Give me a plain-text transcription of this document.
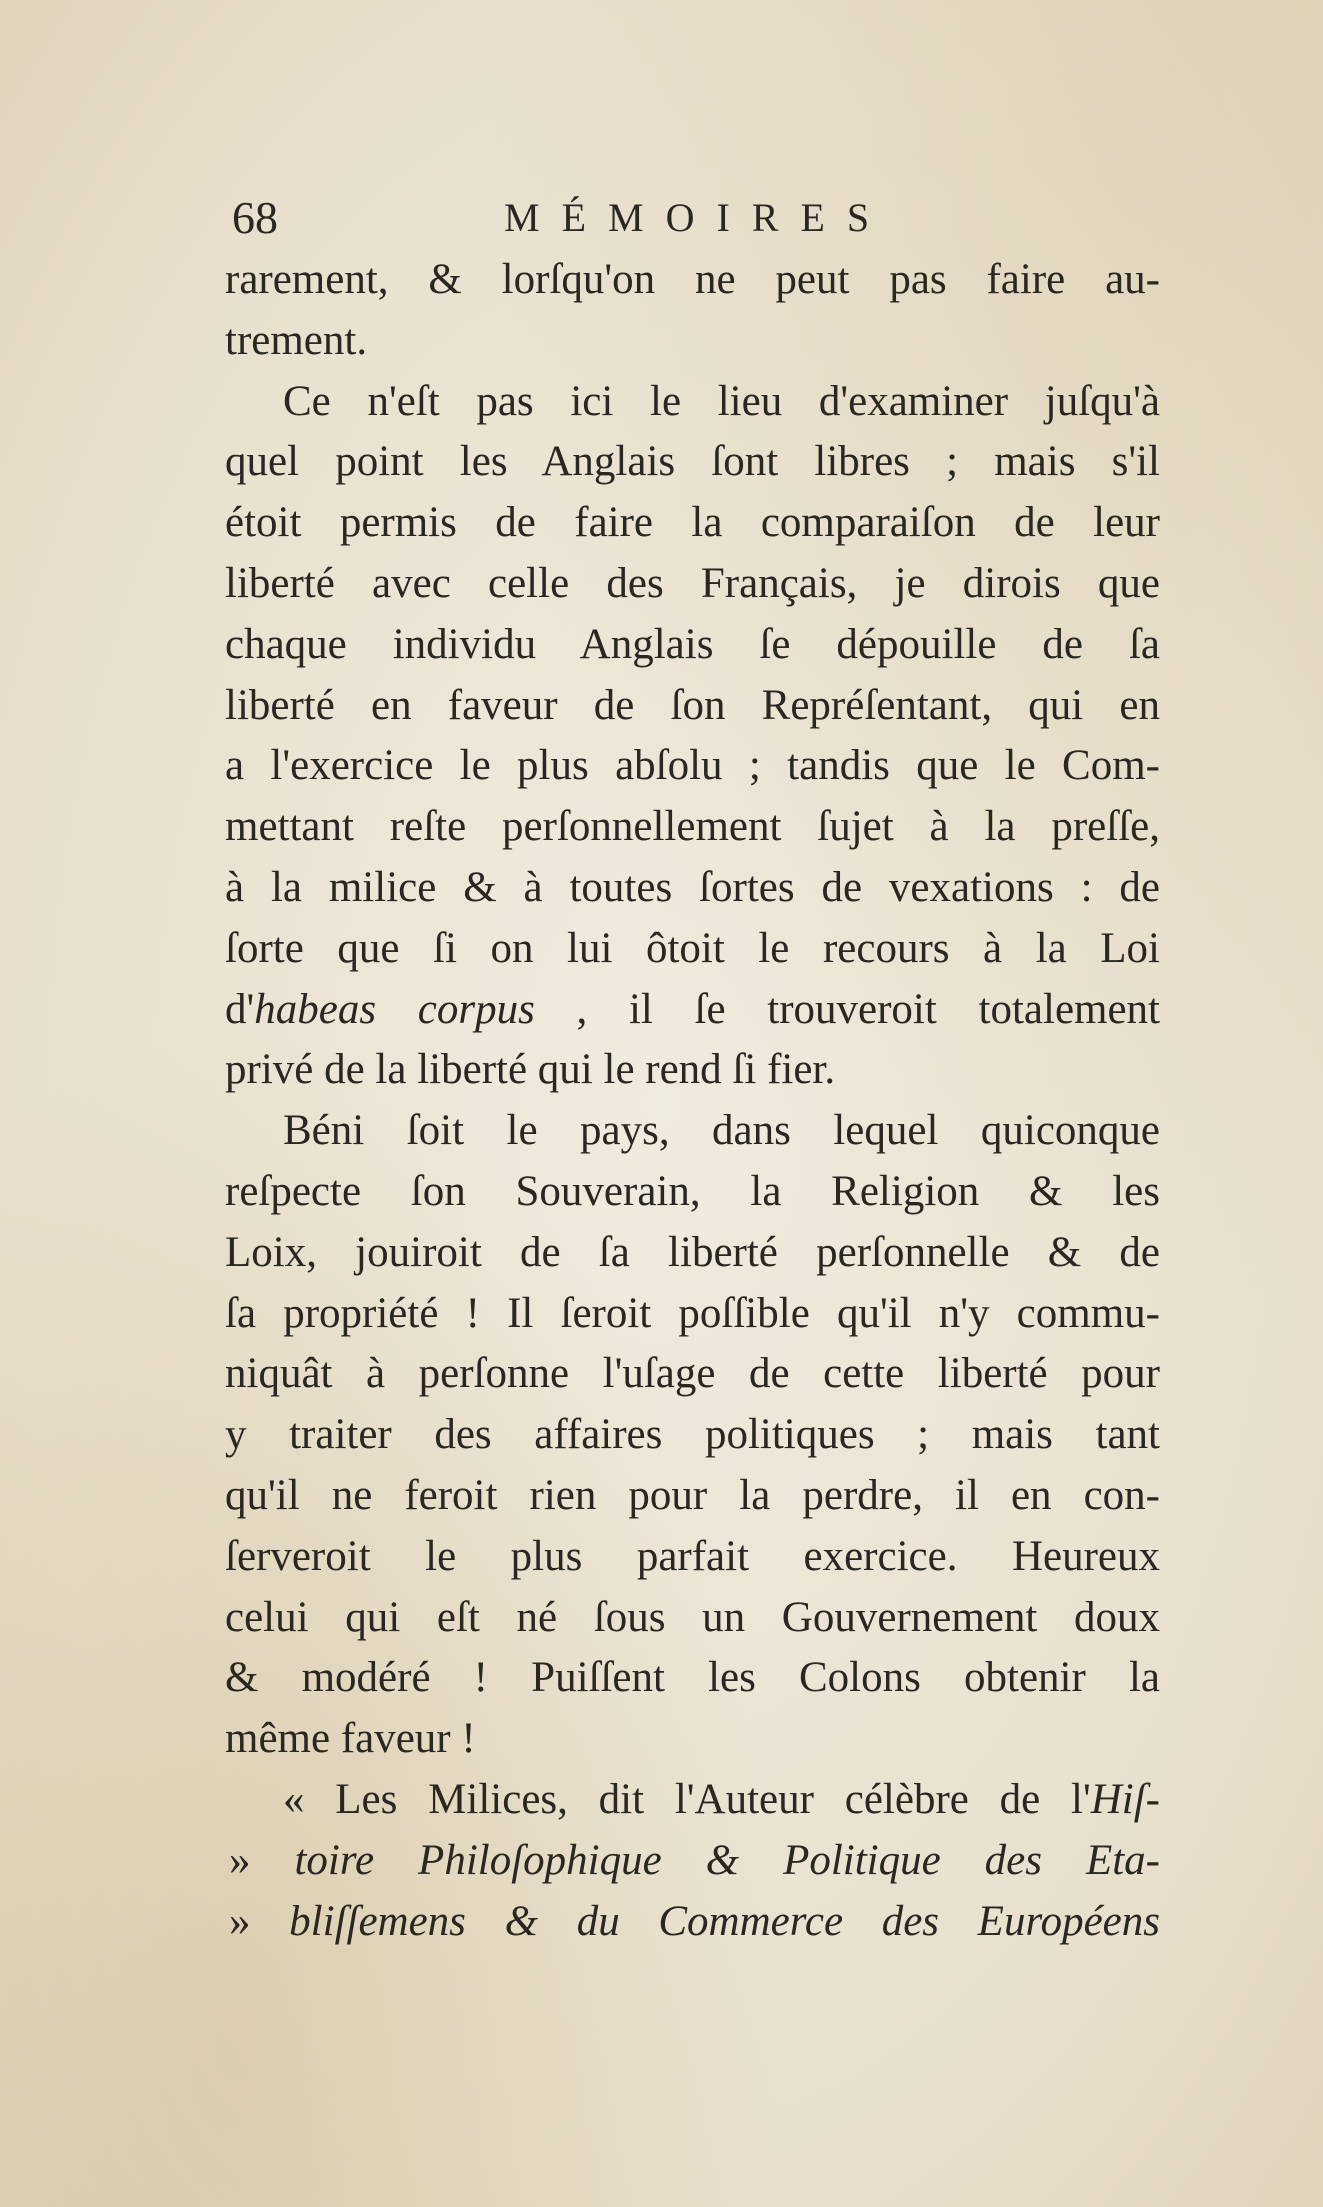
68	MÉMOIRES
rarement, & lorſqu'on ne peut pas faire au-
trement.
Ce n'eſt pas ici le lieu d'examiner juſqu'à
quel point les Anglais ſont libres ; mais s'il
étoit permis de faire la comparaiſon de leur
liberté avec celle des Français, je dirois que
chaque individu Anglais ſe dépouille de ſa
liberté en faveur de ſon Repréſentant, qui en
a l'exercice le plus abſolu ; tandis que le Com-
mettant reſte perſonnellement ſujet à la preſſe,
à la milice & à toutes ſortes de vexations : de
ſorte que ſi on lui ôtoit le recours à la Loi
d'habeas corpus , il ſe trouveroit totalement
privé de la liberté qui le rend ſi fier.
Béni ſoit le pays, dans lequel quiconque
reſpecte ſon Souverain, la Religion & les
Loix, jouiroit de ſa liberté perſonnelle & de
ſa propriété ! Il ſeroit poſſible qu'il n'y commu-
niquât à perſonne l'uſage de cette liberté pour
y traiter des affaires politiques ; mais tant
qu'il ne feroit rien pour la perdre, il en con-
ſerveroit le plus parfait exercice. Heureux
celui qui eſt né ſous un Gouvernement doux
& modéré ! Puiſſent les Colons obtenir la
même faveur !
« Les Milices, dit l'Auteur célèbre de l'Hiſ-
» toire Philoſophique & Politique des Eta-
» bliſſemens & du Commerce des Européens
